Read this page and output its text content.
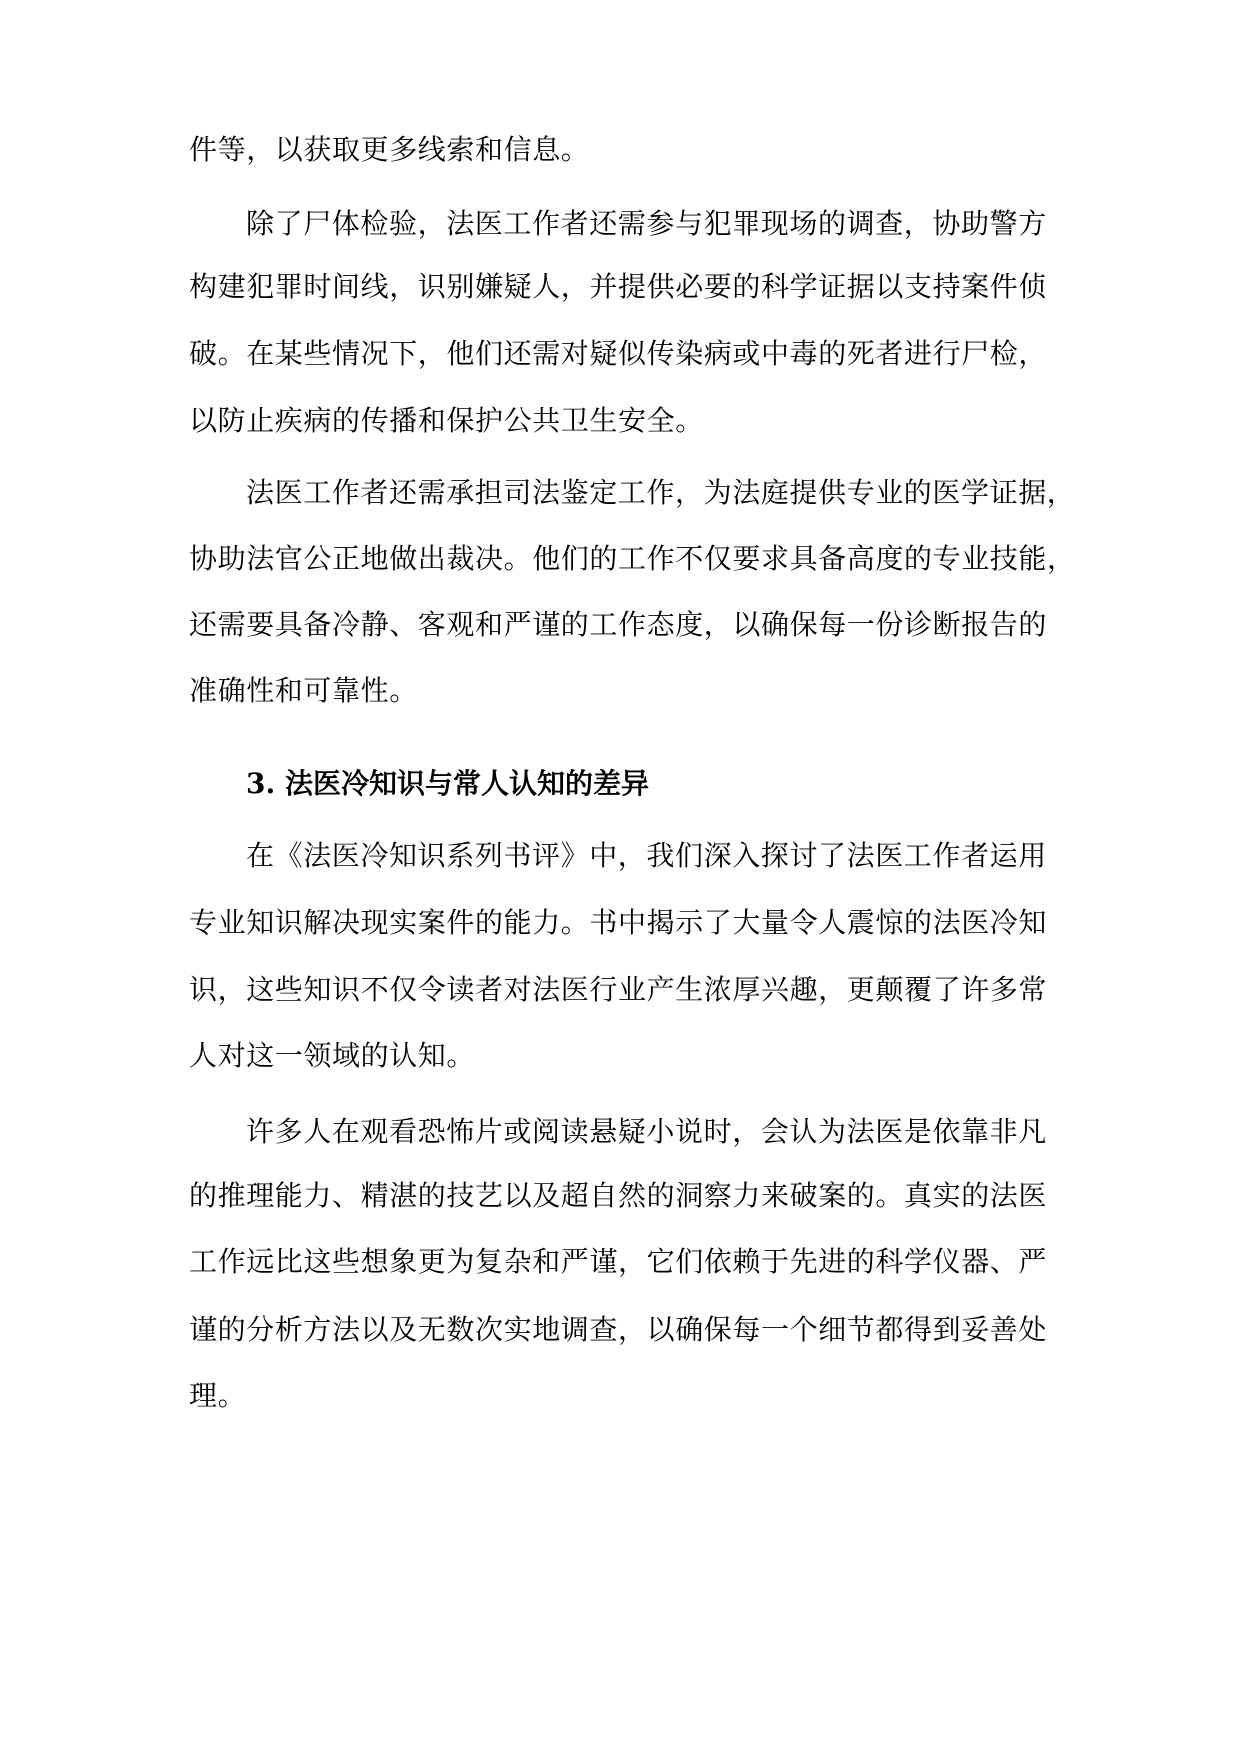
件等，以获取更多线索和信息。
除了尸体检验，法医工作者还需参与犯罪现场的调查，协助警方
构建犯罪时间线，识别嫌疑人，并提供必要的科学证据以支持案件侦
破。在某些情况下，他们还需对疑似传染病或中毒的死者进行尸检，
以防止疾病的传播和保护公共卫生安全。
法医工作者还需承担司法鉴定工作，为法庭提供专业的医学证据，
协助法官公正地做出裁决。他们的工作不仅要求具备高度的专业技能，
还需要具备冷静、客观和严谨的工作态度，以确保每一份诊断报告的
准确性和可靠性。
3. 法医冷知识与常人认知的差异
在《法医冷知识系列书评》中，我们深入探讨了法医工作者运用
专业知识解决现实案件的能力。书中揭示了大量令人震惊的法医冷知
识，这些知识不仅令读者对法医行业产生浓厚兴趣，更颠覆了许多常
人对这一领域的认知。
许多人在观看恐怖片或阅读悬疑小说时，会认为法医是依靠非凡
的推理能力、精湛的技艺以及超自然的洞察力来破案的。真实的法医
工作远比这些想象更为复杂和严谨，它们依赖于先进的科学仪器、严
谨的分析方法以及无数次实地调查，以确保每一个细节都得到妥善处
理。
